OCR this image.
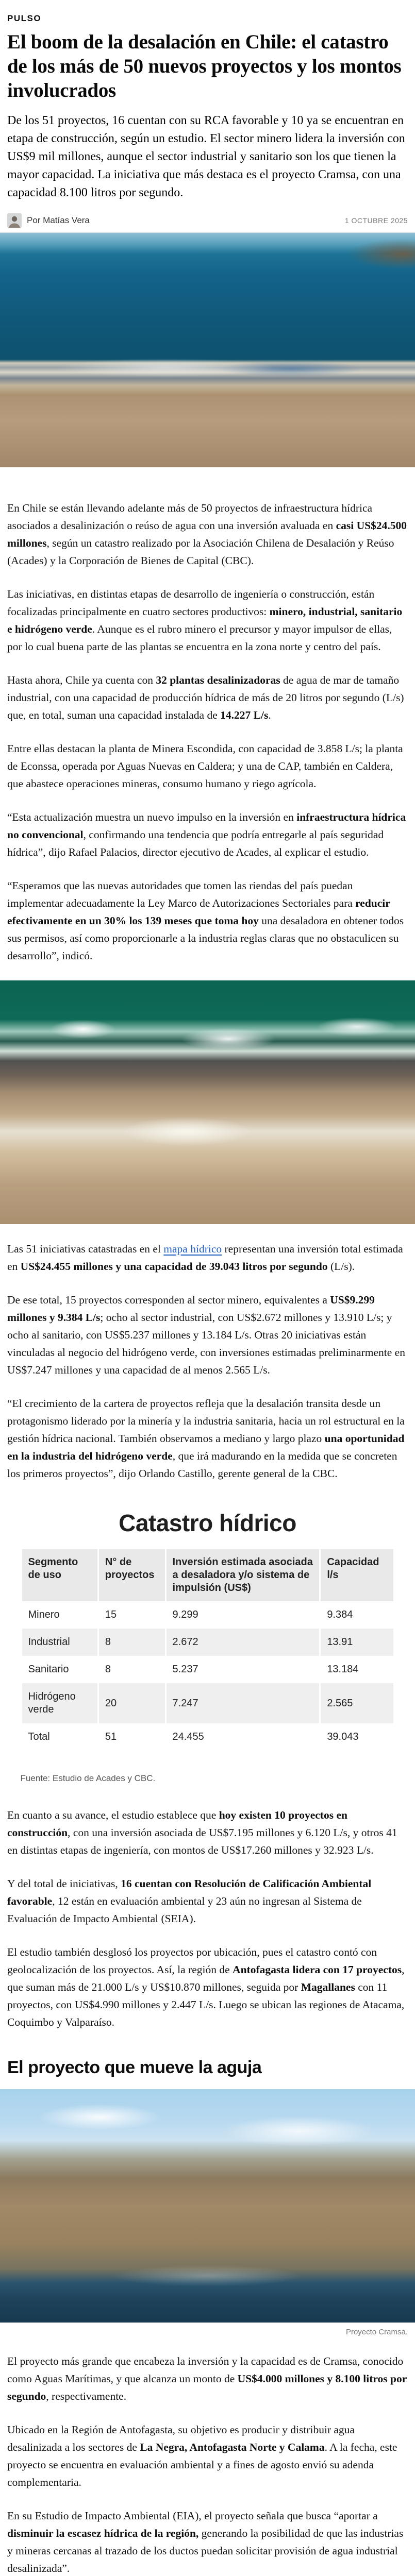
PULSO
El boom de la desalación en Chile: el catastro de los más de 50 nuevos proyectos y los montos involucrados

De los 51 proyectos, 16 cuentan con su RCA favorable y 10 ya se encuentran en etapa de construcción, según un estudio. El sector minero lidera la inversión con US$9 mil millones, aunque el sector industrial y sanitario son los que tienen la mayor capacidad. La iniciativa que más destaca es el proyecto Cramsa, con una capacidad 8.100 litros por segundo.

Por Matías Vera	1 OCTUBRE 2025

En Chile se están llevando adelante más de 50 proyectos de infraestructura hídrica asociados a desalinización o reúso de agua con una inversión avaluada en casi US$24.500 millones, según un catastro realizado por la Asociación Chilena de Desalación y Reúso (Acades) y la Corporación de Bienes de Capital (CBC).

Las iniciativas, en distintas etapas de desarrollo de ingeniería o construcción, están focalizadas principalmente en cuatro sectores productivos: minero, industrial, sanitario e hidrógeno verde. Aunque es el rubro minero el precursor y mayor impulsor de ellas, por lo cual buena parte de las plantas se encuentra en la zona norte y centro del país.

Hasta ahora, Chile ya cuenta con 32 plantas desalinizadoras de agua de mar de tamaño industrial, con una capacidad de producción hídrica de más de 20 litros por segundo (L/s) que, en total, suman una capacidad instalada de 14.227 L/s.

Entre ellas destacan la planta de Minera Escondida, con capacidad de 3.858 L/s; la planta de Econssa, operada por Aguas Nuevas en Caldera; y una de CAP, también en Caldera, que abastece operaciones mineras, consumo humano y riego agrícola.

“Esta actualización muestra un nuevo impulso en la inversión en infraestructura hídrica no convencional, confirmando una tendencia que podría entregarle al país seguridad hídrica”, dijo Rafael Palacios, director ejecutivo de Acades, al explicar el estudio.

“Esperamos que las nuevas autoridades que tomen las riendas del país puedan implementar adecuadamente la Ley Marco de Autorizaciones Sectoriales para reducir efectivamente en un 30% los 139 meses que toma hoy una desaladora en obtener todos sus permisos, así como proporcionarle a la industria reglas claras que no obstaculicen su desarrollo”, indicó.

Las 51 iniciativas catastradas en el mapa hídrico representan una inversión total estimada en US$24.455 millones y una capacidad de 39.043 litros por segundo (L/s).

De ese total, 15 proyectos corresponden al sector minero, equivalentes a US$9.299 millones y 9.384 L/s; ocho al sector industrial, con US$2.672 millones y 13.910 L/s; y ocho al sanitario, con US$5.237 millones y 13.184 L/s. Otras 20 iniciativas están vinculadas al negocio del hidrógeno verde, con inversiones estimadas preliminarmente en US$7.247 millones y una capacidad de al menos 2.565 L/s.

“El crecimiento de la cartera de proyectos refleja que la desalación transita desde un protagonismo liderado por la minería y la industria sanitaria, hacia un rol estructural en la gestión hídrica nacional. También observamos a mediano y largo plazo una oportunidad en la industria del hidrógeno verde, que irá madurando en la medida que se concreten los primeros proyectos”, dijo Orlando Castillo, gerente general de la CBC.

Catastro hídrico
Segmento de uso	N° de proyectos	Inversión estimada asociada a desaladora y/o sistema de impulsión (US$)	Capacidad l/s
Minero	15	9.299	9.384
Industrial	8	2.672	13.91
Sanitario	8	5.237	13.184
Hidrógeno verde	20	7.247	2.565
Total	51	24.455	39.043

Fuente: Estudio de Acades y CBC.

En cuanto a su avance, el estudio establece que hoy existen 10 proyectos en construcción, con una inversión asociada de US$7.195 millones y 6.120 L/s, y otros 41 en distintas etapas de ingeniería, con montos de US$17.260 millones y 32.923 L/s.

Y del total de iniciativas, 16 cuentan con Resolución de Calificación Ambiental favorable, 12 están en evaluación ambiental y 23 aún no ingresan al Sistema de Evaluación de Impacto Ambiental (SEIA).

El estudio también desglosó los proyectos por ubicación, pues el catastro contó con geolocalización de los proyectos. Así, la región de Antofagasta lidera con 17 proyectos, que suman más de 21.000 L/s y US$10.870 millones, seguida por Magallanes con 11 proyectos, con US$4.990 millones y 2.447 L/s. Luego se ubican las regiones de Atacama, Coquimbo y Valparaíso.

El proyecto que mueve la aguja
Proyecto Cramsa.

El proyecto más grande que encabeza la inversión y la capacidad es de Cramsa, conocido como Aguas Marítimas, y que alcanza un monto de US$4.000 millones y 8.100 litros por segundo, respectivamente.

Ubicado en la Región de Antofagasta, su objetivo es producir y distribuir agua desalinizada a los sectores de La Negra, Antofagasta Norte y Calama. A la fecha, este proyecto se encuentra en evaluación ambiental y a fines de agosto envió su adenda complementaria.

En su Estudio de Impacto Ambiental (EIA), el proyecto señala que busca “aportar a disminuir la escasez hídrica de la región, generando la posibilidad de que las industrias y mineras cercanas al trazado de los ductos puedan solicitar provisión de agua industrial desalinizada”.
